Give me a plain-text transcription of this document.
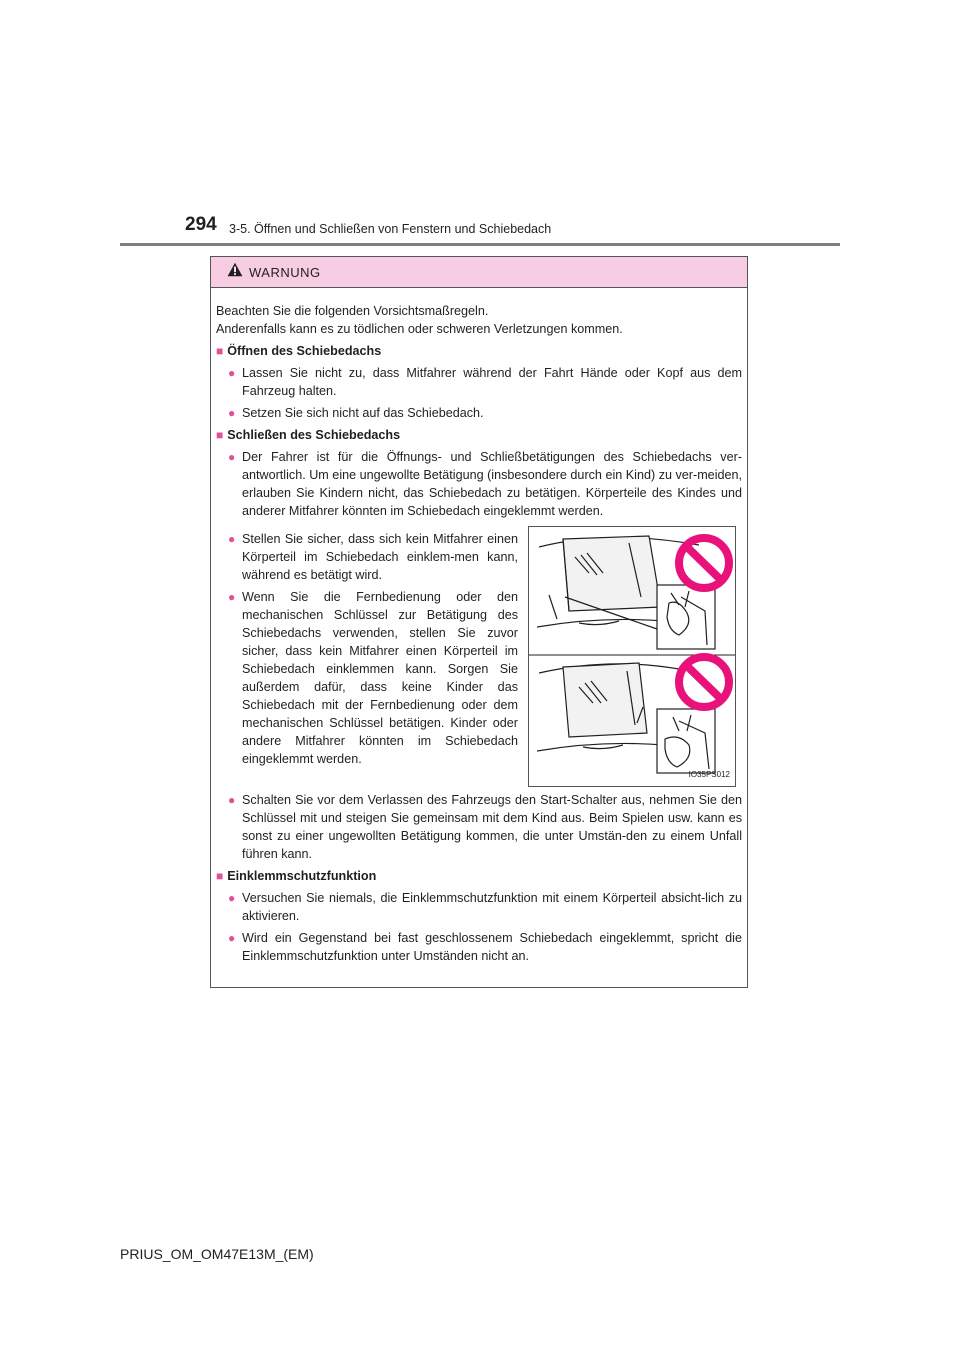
294 3-5. Öffnen und Schließen von Fenstern und Schiebedach
WARNUNG

Beachten Sie die folgenden Vorsichtsmaßregeln.

Anderenfalls kann es zu tödlichen oder schweren Verletzungen kommen.

■ Öffnen des Schiebedachs
● Lassen Sie nicht zu, dass Mitfahrer während der Fahrt Hände oder Kopf aus dem Fahrzeug halten.
● Setzen Sie sich nicht auf das Schiebedach.
■ Schließen des Schiebedachs
● Der Fahrer ist für die Öffnungs- und Schließbetätigungen des Schiebedachs ver-antwortlich. Um eine ungewollte Betätigung (insbesondere durch ein Kind) zu ver-meiden, erlauben Sie Kindern nicht, das Schiebedach zu betätigen. Körperteile des Kindes und anderer Mitfahrer könnten im Schiebedach eingeklemmt werden.
● Stellen Sie sicher, dass sich kein Mitfahrer einen Körperteil im Schiebedach einklem-men kann, während es betätigt wird.
● Wenn Sie die Fernbedienung oder den mechanischen Schlüssel zur Betätigung des Schiebedachs verwenden, stellen Sie zuvor sicher, dass kein Mitfahrer einen Körperteil im Schiebedach einklemmen kann. Sorgen Sie außerdem dafür, dass keine Kinder das Schiebedach mit der Fernbedienung oder dem mechanischen Schlüssel betätigen. Kinder oder andere Mitfahrer könnten im Schiebedach eingeklemmt werden.
IO35PS012
● Schalten Sie vor dem Verlassen des Fahrzeugs den Start-Schalter aus, nehmen Sie den Schlüssel mit und steigen Sie gemeinsam mit dem Kind aus. Beim Spielen usw. kann es sonst zu einer ungewollten Betätigung kommen, die unter Umstän-den zu einem Unfall führen kann.
■ Einklemmschutzfunktion
● Versuchen Sie niemals, die Einklemmschutzfunktion mit einem Körperteil absicht-lich zu aktivieren.
● Wird ein Gegenstand bei fast geschlossenem Schiebedach eingeklemmt, spricht die Einklemmschutzfunktion unter Umständen nicht an.
PRIUS_OM_OM47E13M_(EM)
